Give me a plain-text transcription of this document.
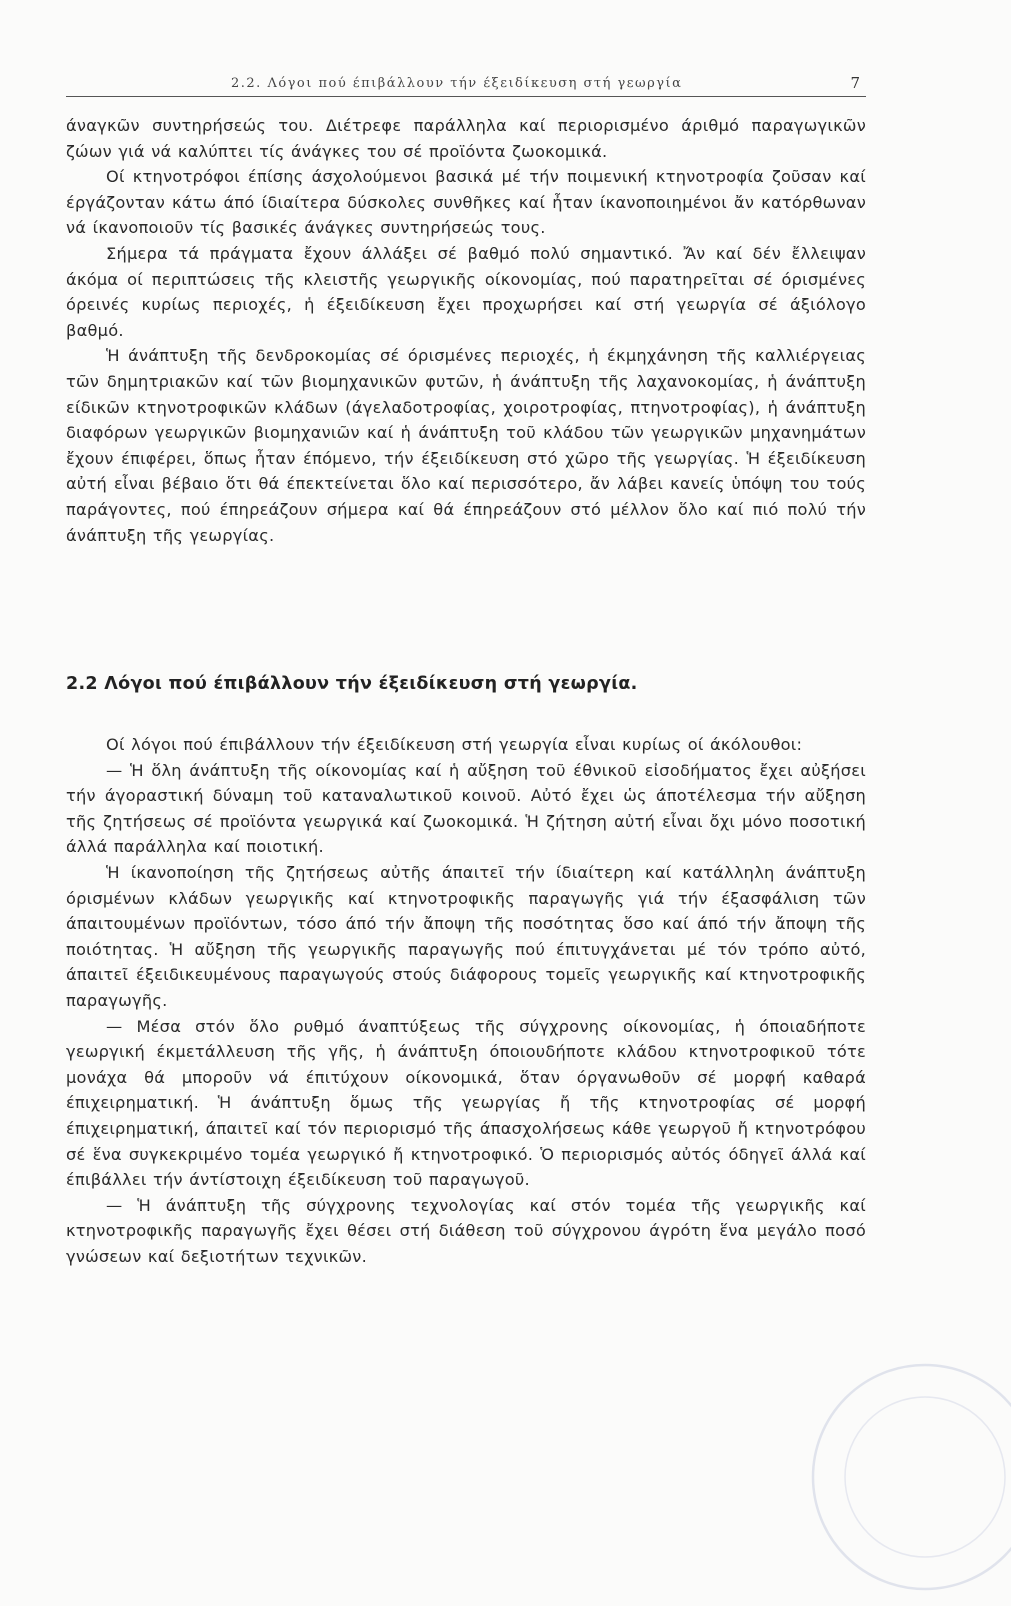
2.2. Λόγοι πού έπιβάλλουν τήν έξειδίκευση στή γεωργία	7

άναγκῶν συντηρήσεώς του. Διέτρεφε παράλληλα καί περιορισμένο άριθμό παραγωγικῶν ζώων γιά νά καλύπτει τίς άνάγκες του σέ προϊόντα ζωοκομικά.

Οί κτηνοτρόφοι έπίσης άσχολούμενοι βασικά μέ τήν ποιμενική κτηνοτροφία ζοῦσαν καί έργάζονταν κάτω άπό ίδιαίτερα δύσκολες συνθῆκες καί ἦταν ίκανοποιημένοι ἄν κατόρθωναν νά ίκανοποιοῦν τίς βασικές άνάγκες συντηρήσεώς τους.

Σήμερα τά πράγματα ἔχουν άλλάξει σέ βαθμό πολύ σημαντικό. Ἄν καί δέν ἔλλειψαν άκόμα οί περιπτώσεις τῆς κλειστῆς γεωργικῆς οίκονομίας, πού παρατηρεῖται σέ όρισμένες όρεινές κυρίως περιοχές, ἡ έξειδίκευση ἔχει προχωρήσει καί στή γεωργία σέ άξιόλογο βαθμό.

Ἡ άνάπτυξη τῆς δενδροκομίας σέ όρισμένες περιοχές, ἡ έκμηχάνηση τῆς καλλιέργειας τῶν δημητριακῶν καί τῶν βιομηχανικῶν φυτῶν, ἡ άνάπτυξη τῆς λαχανοκομίας, ἡ άνάπτυξη είδικῶν κτηνοτροφικῶν κλάδων (άγελαδοτροφίας, χοιροτροφίας, πτηνοτροφίας), ἡ άνάπτυξη διαφόρων γεωργικῶν βιομηχανιῶν καί ἡ άνάπτυξη τοῦ κλάδου τῶν γεωργικῶν μηχανημάτων ἔχουν έπιφέρει, ὅπως ἦταν έπόμενο, τήν έξειδίκευση στό χῶρο τῆς γεωργίας. Ἡ έξειδίκευση αὐτή εἶναι βέβαιο ὅτι θά έπεκτείνεται ὅλο καί περισσότερο, ἄν λάβει κανείς ὑπόψη του τούς παράγοντες, πού έπηρεάζουν σήμερα καί θά έπηρεάζουν στό μέλλον ὅλο καί πιό πολύ τήν άνάπτυξη τῆς γεωργίας.

2.2 Λόγοι πού έπιβάλλουν τήν έξειδίκευση στή γεωργία.

Οί λόγοι πού έπιβάλλουν τήν έξειδίκευση στή γεωργία εἶναι κυρίως οί άκόλουθοι:

— Ἡ ὅλη άνάπτυξη τῆς οίκονομίας καί ἡ αὔξηση τοῦ έθνικοῦ εἰσοδήματος ἔχει αὐξήσει τήν άγοραστική δύναμη τοῦ καταναλωτικοῦ κοινοῦ. Αὐτό ἔχει ὡς άποτέλεσμα τήν αὔξηση τῆς ζητήσεως σέ προϊόντα γεωργικά καί ζωοκομικά. Ἡ ζήτηση αὐτή εἶναι ὄχι μόνο ποσοτική άλλά παράλληλα καί ποιοτική.

Ἡ ίκανοποίηση τῆς ζητήσεως αὐτῆς άπαιτεῖ τήν ίδιαίτερη καί κατάλληλη άνάπτυξη όρισμένων κλάδων γεωργικῆς καί κτηνοτροφικῆς παραγωγῆς γιά τήν έξασφάλιση τῶν άπαιτουμένων προϊόντων, τόσο άπό τήν ἄποψη τῆς ποσότητας ὅσο καί άπό τήν ἄποψη τῆς ποιότητας. Ἡ αὔξηση τῆς γεωργικῆς παραγωγῆς πού έπιτυγχάνεται μέ τόν τρόπο αὐτό, άπαιτεῖ έξειδικευμένους παραγωγούς στούς διάφορους τομεῖς γεωργικῆς καί κτηνοτροφικῆς παραγωγῆς.

— Μέσα στόν ὅλο ρυθμό άναπτύξεως τῆς σύγχρονης οίκονομίας, ἡ όποιαδήποτε γεωργική έκμετάλλευση τῆς γῆς, ἡ άνάπτυξη όποιουδήποτε κλάδου κτηνοτροφικοῦ τότε μονάχα θά μποροῦν νά έπιτύχουν οίκονομικά, ὅταν όργανωθοῦν σέ μορφή καθαρά έπιχειρηματική. Ἡ άνάπτυξη ὅμως τῆς γεωργίας ἤ τῆς κτηνοτροφίας σέ μορφή έπιχειρηματική, άπαιτεῖ καί τόν περιορισμό τῆς άπασχολήσεως κάθε γεωργοῦ ἤ κτηνοτρόφου σέ ἕνα συγκεκριμένο τομέα γεωργικό ἤ κτηνοτροφικό. Ὁ περιορισμός αὐτός όδηγεῖ άλλά καί έπιβάλλει τήν άντίστοιχη έξειδίκευση τοῦ παραγωγοῦ.

— Ἡ άνάπτυξη τῆς σύγχρονης τεχνολογίας καί στόν τομέα τῆς γεωργικῆς καί κτηνοτροφικῆς παραγωγῆς ἔχει θέσει στή διάθεση τοῦ σύγχρονου άγρότη ἕνα μεγάλο ποσό γνώσεων καί δεξιοτήτων τεχνικῶν.
